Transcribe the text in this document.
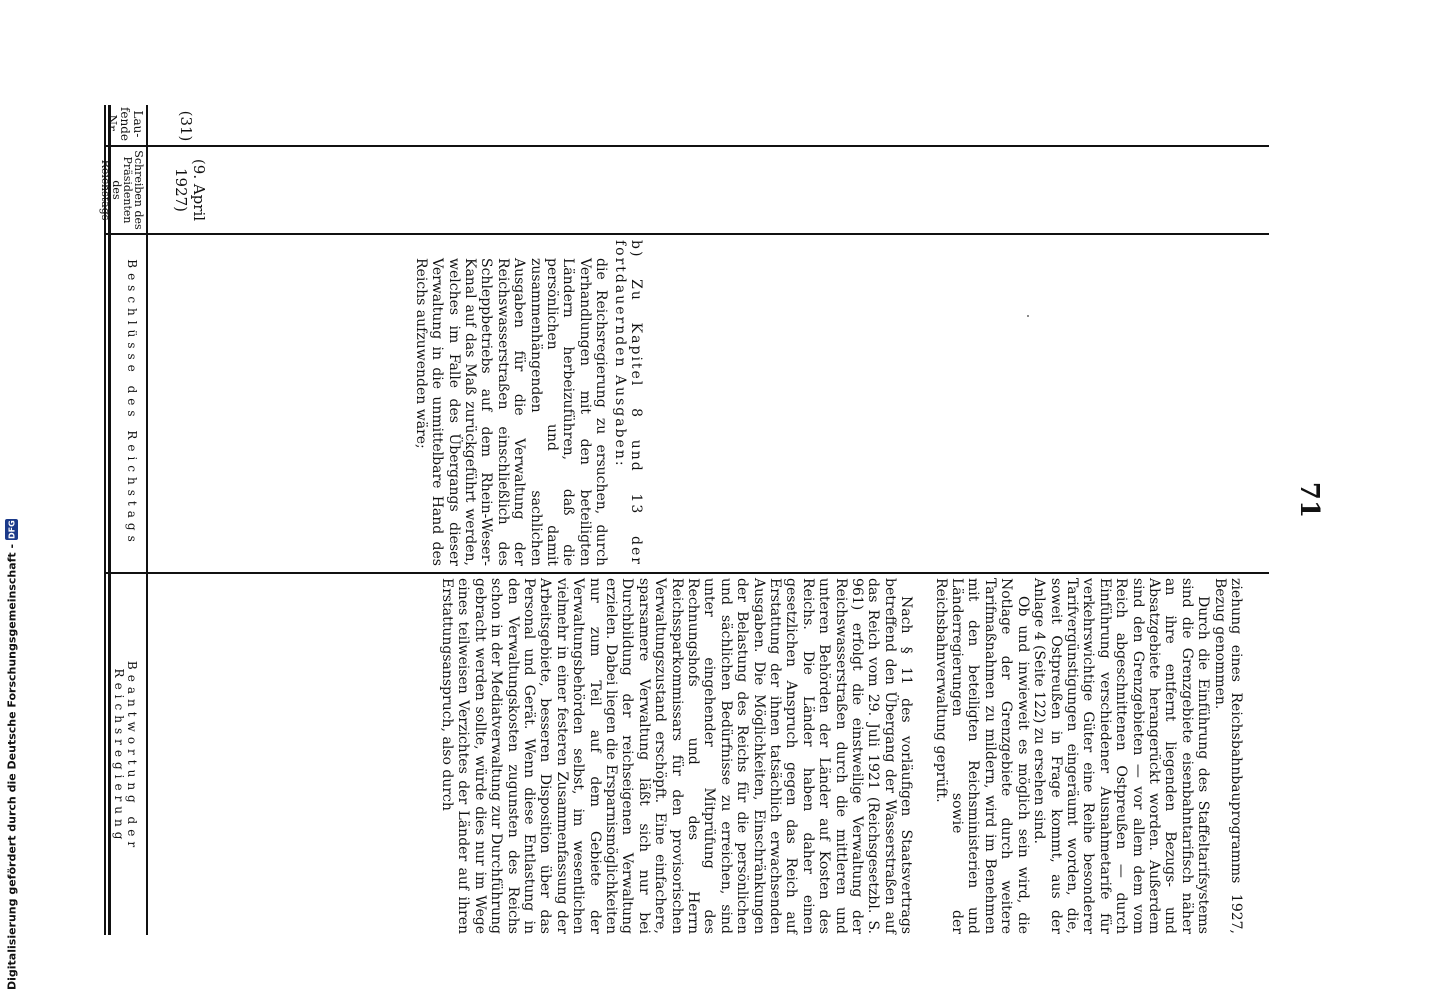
71
Lau- fende Nr.
Schreiben des Präsidenten des Reichstags
Beschlüsse des Reichstags
Beantwortung der Reichsregierung
(31)
(9. April 1927)

b) Zu Kapitel 8 und 13 der fortdauernden Ausgaben:

die Reichsregierung zu ersuchen, durch Verhandlungen mit den beteiligten Ländern herbeizuführen, daß die persönlichen und damit zusammenhängenden sachlichen Ausgaben für die Verwaltung der Reichswasserstraßen einschließlich des Schleppbetriebs auf dem Rhein-Weser-Kanal auf das Maß zurückgeführt werden, welches im Falle des Übergangs dieser Verwaltung in die unmittelbare Hand des Reichs aufzuwenden wäre;

ziehung eines Reichsbahnbauprogramms 1927, Bezug genommen.

Durch die Einführung des Staffeltarifsystems sind die Grenzgebiete eisenbahntarifisch näher an ihre entfernt liegenden Bezugs- und Absatzgebiete herangerückt worden. Außerdem sind den Grenzgebieten — vor allem dem vom Reich abgeschnittenen Ostpreußen — durch Einführung verschiedener Ausnahmetarife für verkehrswichtige Güter eine Reihe besonderer Tarifvergünstigungen eingeräumt worden, die, soweit Ostpreußen in Frage kommt, aus der Anlage 4 (Seite 122) zu ersehen sind.

Ob und inwieweit es möglich sein wird, die Notlage der Grenzgebiete durch weitere Tarifmaßnahmen zu mildern, wird im Benehmen mit den beteiligten Reichsministerien und Länderregierungen sowie der Reichsbahnverwaltung geprüft.

Nach § 11 des vorläufigen Staatsvertrags betreffend den Übergang der Wasserstraßen auf das Reich vom 29. Juli 1921 (Reichsgesetzbl. S. 961) erfolgt die einstweilige Verwaltung der Reichswasserstraßen durch die mittleren und unteren Behörden der Länder auf Kosten des Reichs. Die Länder haben daher einen gesetzlichen Anspruch gegen das Reich auf Erstattung der ihnen tatsächlich erwachsenden Ausgaben. Die Möglichkeiten, Einschränkungen der Belastung des Reichs für die persönlichen und sächlichen Bedürfnisse zu erreichen, sind unter eingehender Mitprüfung des Rechnungshofs und des Herrn Reichssparkommissars für den provisorischen Verwaltungszustand erschöpft. Eine einfachere, sparsamere Verwaltung läßt sich nur bei Durchbildung der reichseigenen Verwaltung erzielen. Dabei liegen die Ersparnismöglichkeiten nur zum Teil auf dem Gebiete der Verwaltungsbehörden selbst, im wesentlichen vielmehr in einer festeren Zusammenfassung der Arbeitsgebiete, besseren Disposition über das Personal und Gerät. Wenn diese Entlastung in den Verwaltungskosten zugunsten des Reichs schon in der Mediatverwaltung zur Durchführung gebracht werden sollte, würde dies nur im Wege eines teilweisen Verzichtes der Länder auf ihren Erstattungsanspruch, also durch

Digitalisierung gefördert durch die Deutsche Forschungsgemeinschaft -
DFG
